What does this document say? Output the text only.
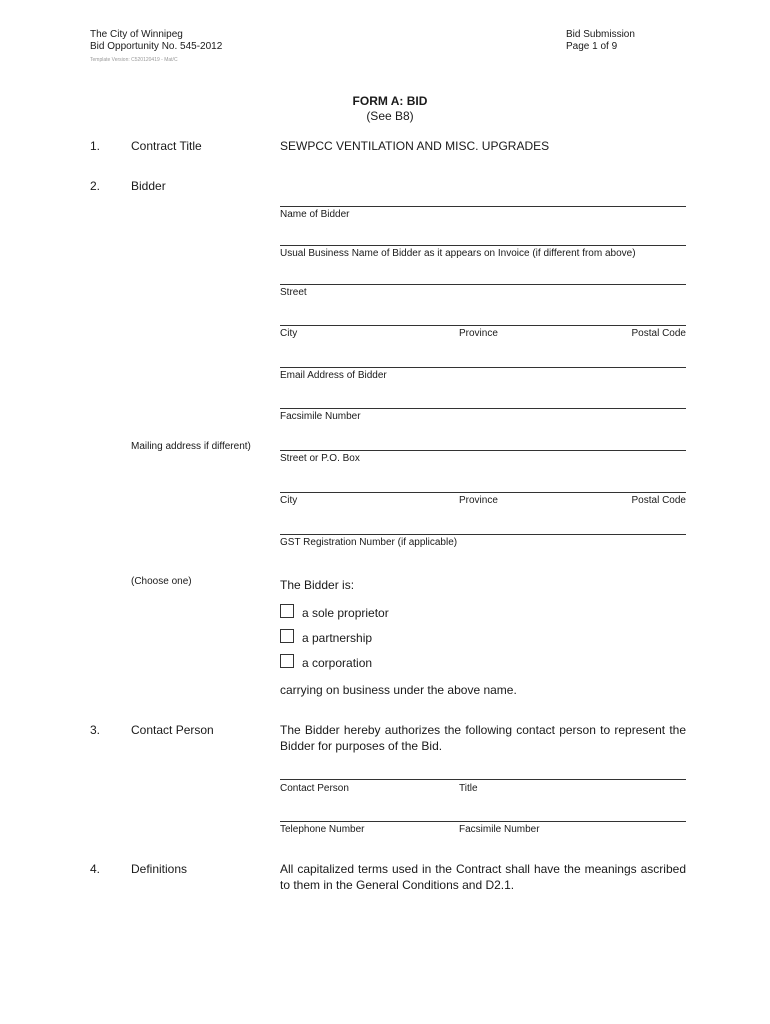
The City of Winnipeg
Bid Opportunity No. 545-2012
Template Version: C520120419 - Mat/C
Bid Submission
Page 1 of 9
FORM A: BID
(See B8)
1.	Contract Title	SEWPCC VENTILATION AND MISC. UPGRADES
2.	Bidder
Name of Bidder
Usual Business Name of Bidder as it appears on Invoice (if different from above)
Street
City	Province	Postal Code
Email Address of Bidder
Facsimile Number
Mailing address if different)
Street or P.O. Box
City	Province	Postal Code
GST Registration Number (if applicable)
(Choose one)	The Bidder is:
a sole proprietor
a partnership
a corporation
carrying on business under the above name.
3.	Contact Person	The Bidder hereby authorizes the following contact person to represent the Bidder for purposes of the Bid.
Contact Person	Title
Telephone Number	Facsimile Number
4.	Definitions	All capitalized terms used in the Contract shall have the meanings ascribed to them in the General Conditions and D2.1.
